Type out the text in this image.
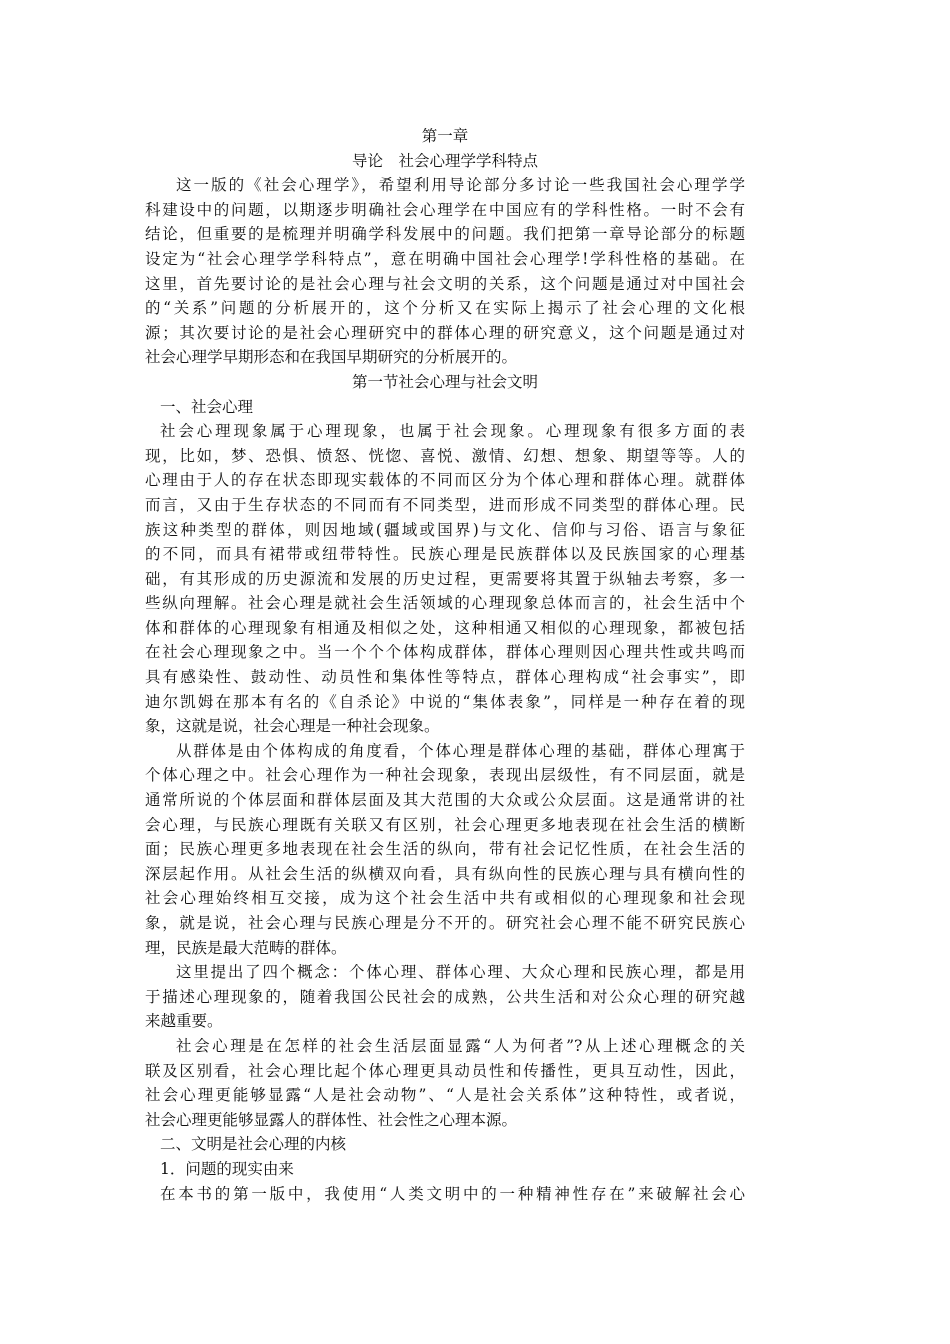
第一章
导论　社会心理学学科特点
这一版的《社会心理学》，希望利用导论部分多讨论一些我国社会心理学学
科建设中的问题，以期逐步明确社会心理学在中国应有的学科性格。一时不会有
结论，但重要的是梳理并明确学科发展中的问题。我们把第一章导论部分的标题
设定为“社会心理学学科特点”，意在明确中国社会心理学!学科性格的基础。在
这里，首先要讨论的是社会心理与社会文明的关系，这个问题是通过对中国社会
的“关系”问题的分析展开的，这个分析又在实际上揭示了社会心理的文化根
源；其次要讨论的是社会心理研究中的群体心理的研究意义，这个问题是通过对
社会心理学早期形态和在我国早期研究的分析展开的。
第一节社会心理与社会文明
一、社会心理
社会心理现象属于心理现象，也属于社会现象。心理现象有很多方面的表
现，比如，梦、恐惧、愤怒、恍惚、喜悦、激情、幻想、想象、期望等等。人的
心理由于人的存在状态即现实载体的不同而区分为个体心理和群体心理。就群体
而言，又由于生存状态的不同而有不同类型，进而形成不同类型的群体心理。民
族这种类型的群体，则因地域(疆域或国界)与文化、信仰与习俗、语言与象征
的不同，而具有裙带或纽带特性。民族心理是民族群体以及民族国家的心理基
础，有其形成的历史源流和发展的历史过程，更需要将其置于纵轴去考察，多一
些纵向理解。社会心理是就社会生活领域的心理现象总体而言的，社会生活中个
体和群体的心理现象有相通及相似之处，这种相通又相似的心理现象，都被包括
在社会心理现象之中。当一个个个体构成群体，群体心理则因心理共性或共鸣而
具有感染性、鼓动性、动员性和集体性等特点，群体心理构成“社会事实”，即
迪尔凯姆在那本有名的《自杀论》中说的“集体表象”，同样是一种存在着的现
象，这就是说，社会心理是一种社会现象。
从群体是由个体构成的角度看，个体心理是群体心理的基础，群体心理寓于
个体心理之中。社会心理作为一种社会现象，表现出层级性，有不同层面，就是
通常所说的个体层面和群体层面及其大范围的大众或公众层面。这是通常讲的社
会心理，与民族心理既有关联又有区别，社会心理更多地表现在社会生活的横断
面；民族心理更多地表现在社会生活的纵向，带有社会记忆性质，在社会生活的
深层起作用。从社会生活的纵横双向看，具有纵向性的民族心理与具有横向性的
社会心理始终相互交接，成为这个社会生活中共有或相似的心理现象和社会现
象，就是说，社会心理与民族心理是分不开的。研究社会心理不能不研究民族心
理，民族是最大范畴的群体。
这里提出了四个概念：个体心理、群体心理、大众心理和民族心理，都是用
于描述心理现象的，随着我国公民社会的成熟，公共生活和对公众心理的研究越
来越重要。
社会心理是在怎样的社会生活层面显露“人为何者”?从上述心理概念的关
联及区别看，社会心理比起个体心理更具动员性和传播性，更具互动性，因此，
社会心理更能够显露“人是社会动物”、“人是社会关系体”这种特性，或者说，
社会心理更能够显露人的群体性、社会性之心理本源。
二、文明是社会心理的内核
1．问题的现实由来
在本书的第一版中，我使用“人类文明中的一种精神性存在”来破解社会心
